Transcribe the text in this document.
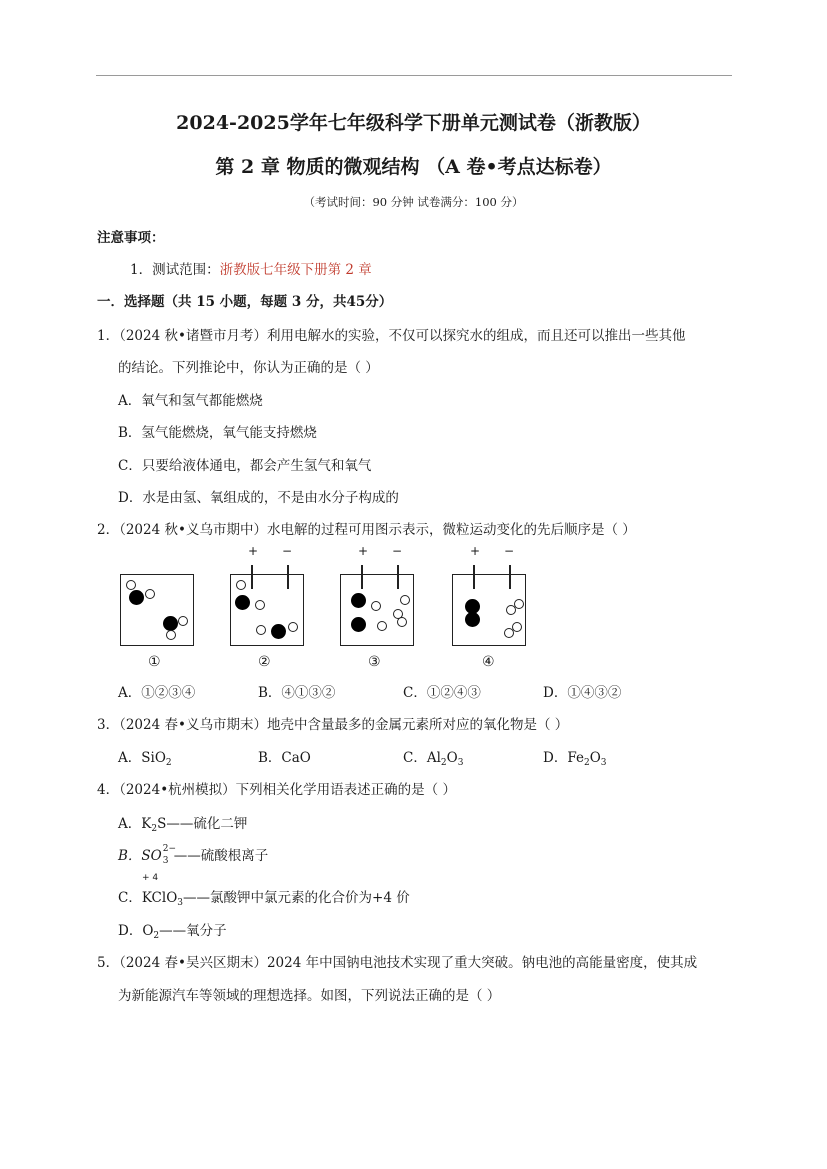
2024-2025学年七年级科学下册单元测试卷（浙教版）
第 2 章 物质的微观结构 （A 卷•考点达标卷）
（考试时间：90 分钟 试卷满分：100 分）
注意事项：
1．测试范围：浙教版七年级下册第 2 章
一．选择题（共 15 小题，每题 3 分，共45分）
1．（2024 秋•诸暨市月考）利用电解水的实验，不仅可以探究水的组成，而且还可以推出一些其他
的结论。下列推论中，你认为正确的是（ ）
A．氧气和氢气都能燃烧
B．氢气能燃烧，氧气能支持燃烧
C．只要给液体通电，都会产生氢气和氧气
D．水是由氢、氧组成的，不是由水分子构成的
2．（2024 秋•义乌市期中）水电解的过程可用图示表示，微粒运动变化的先后顺序是（ ）
①
+ −
②
+ −
③
+ −
④
A．①②③④	B．④①③②	C．①②④③	D．①④③②
3．（2024 春•义乌市期末）地壳中含量最多的金属元素所对应的氧化物是（ ）
A．SiO$_2$	B．CaO	C．$Al_2O_3$	D．$Fe_2O_3$
4．（2024•杭州模拟）下列相关化学用语表述正确的是（ ）
A．$K_2S——$硫化二钾
B．SO 2−
3 ——硫酸根离子
+ 4
C．KClO$_3$——氯酸钾中氯元素的化合价为+4 价
D．$O_2——$氧分子
5．（2024 春•吴兴区期末）2024 年中国钠电池技术实现了重大突破。钠电池的高能量密度，使其成
为新能源汽车等领域的理想选择。如图，下列说法正确的是（ ）
